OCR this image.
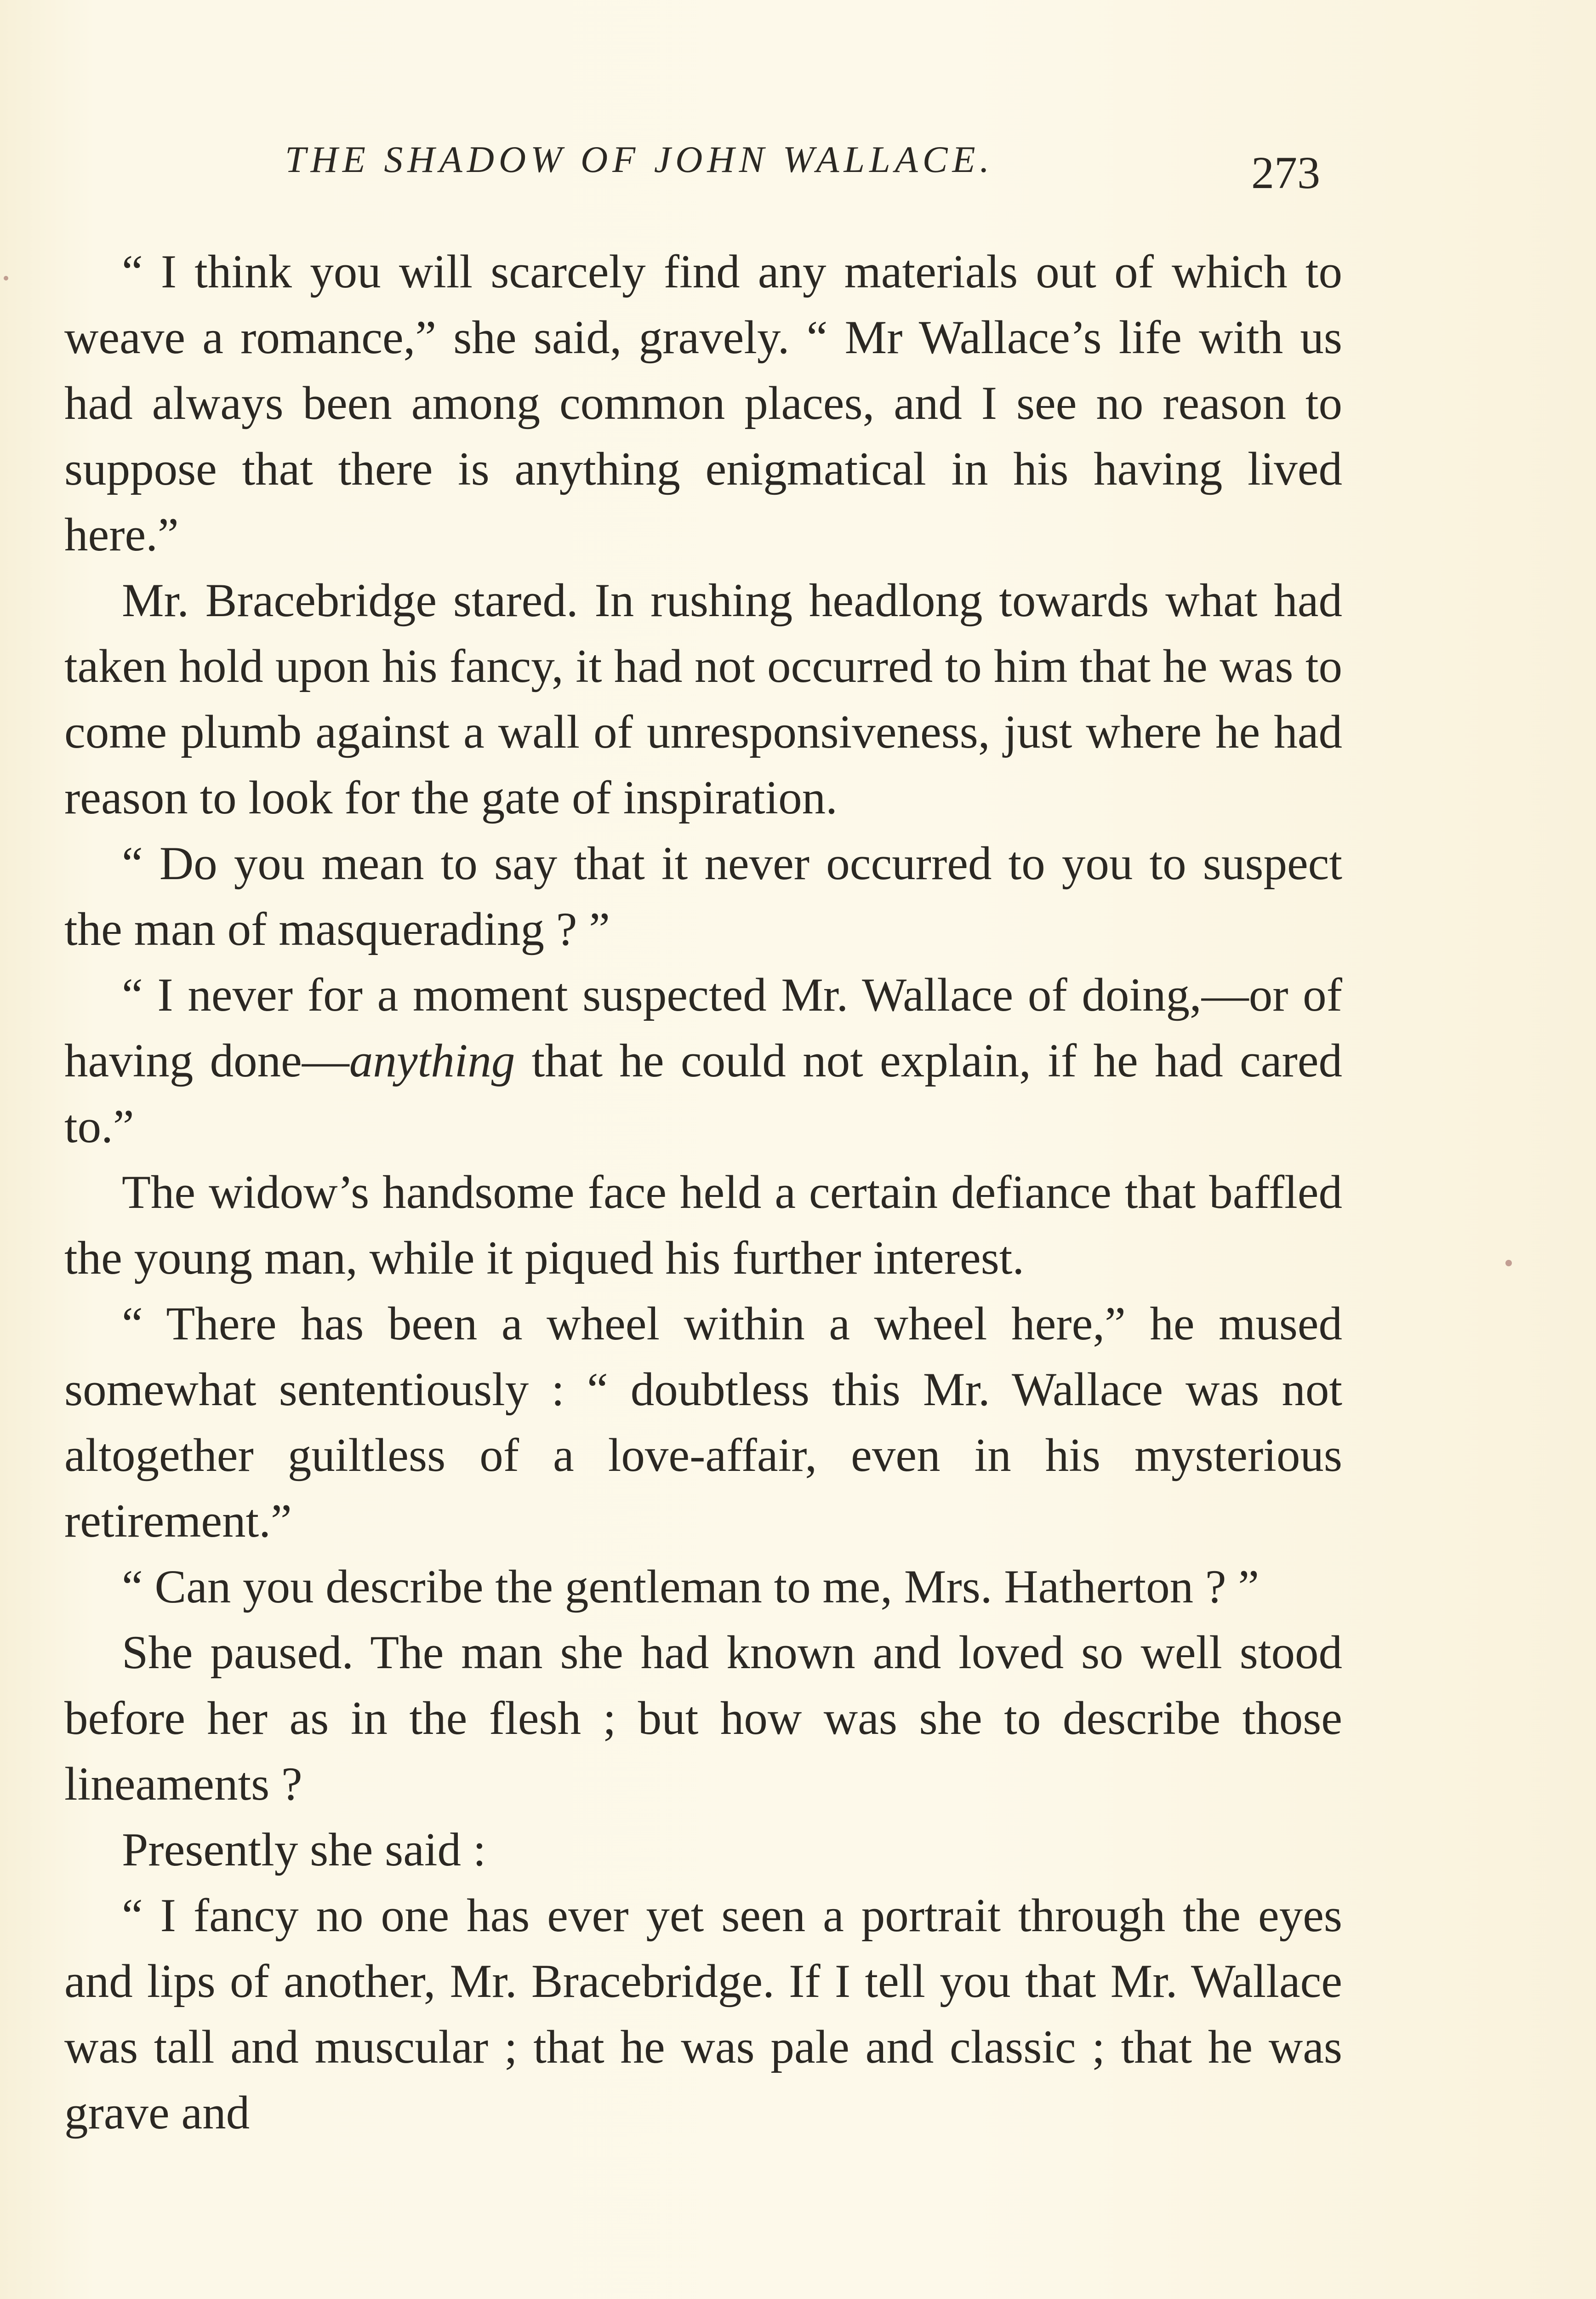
THE SHADOW OF JOHN WALLACE.	273

“ I think you will scarcely find any materials out of which to weave a romance,” she said, gravely. “ Mr Wallace’s life with us had always been among common places, and I see no reason to suppose that there is anything enigmatical in his having lived here.”

Mr. Bracebridge stared. In rushing headlong towards what had taken hold upon his fancy, it had not occurred to him that he was to come plumb against a wall of unresponsiveness, just where he had reason to look for the gate of inspiration.

“ Do you mean to say that it never occurred to you to suspect the man of masquerading ? ”

“ I never for a moment suspected Mr. Wallace of doing,—or of having done—anything that he could not explain, if he had cared to.”

The widow’s handsome face held a certain defiance that baffled the young man, while it piqued his further interest.

“ There has been a wheel within a wheel here,” he mused somewhat sententiously : “ doubtless this Mr. Wallace was not altogether guiltless of a love-affair, even in his mysterious retirement.”

“ Can you describe the gentleman to me, Mrs. Hatherton ? ”

She paused. The man she had known and loved so well stood before her as in the flesh ; but how was she to describe those lineaments ?

Presently she said :

“ I fancy no one has ever yet seen a portrait through the eyes and lips of another, Mr. Bracebridge. If I tell you that Mr. Wallace was tall and muscular ; that he was pale and classic ; that he was grave and
